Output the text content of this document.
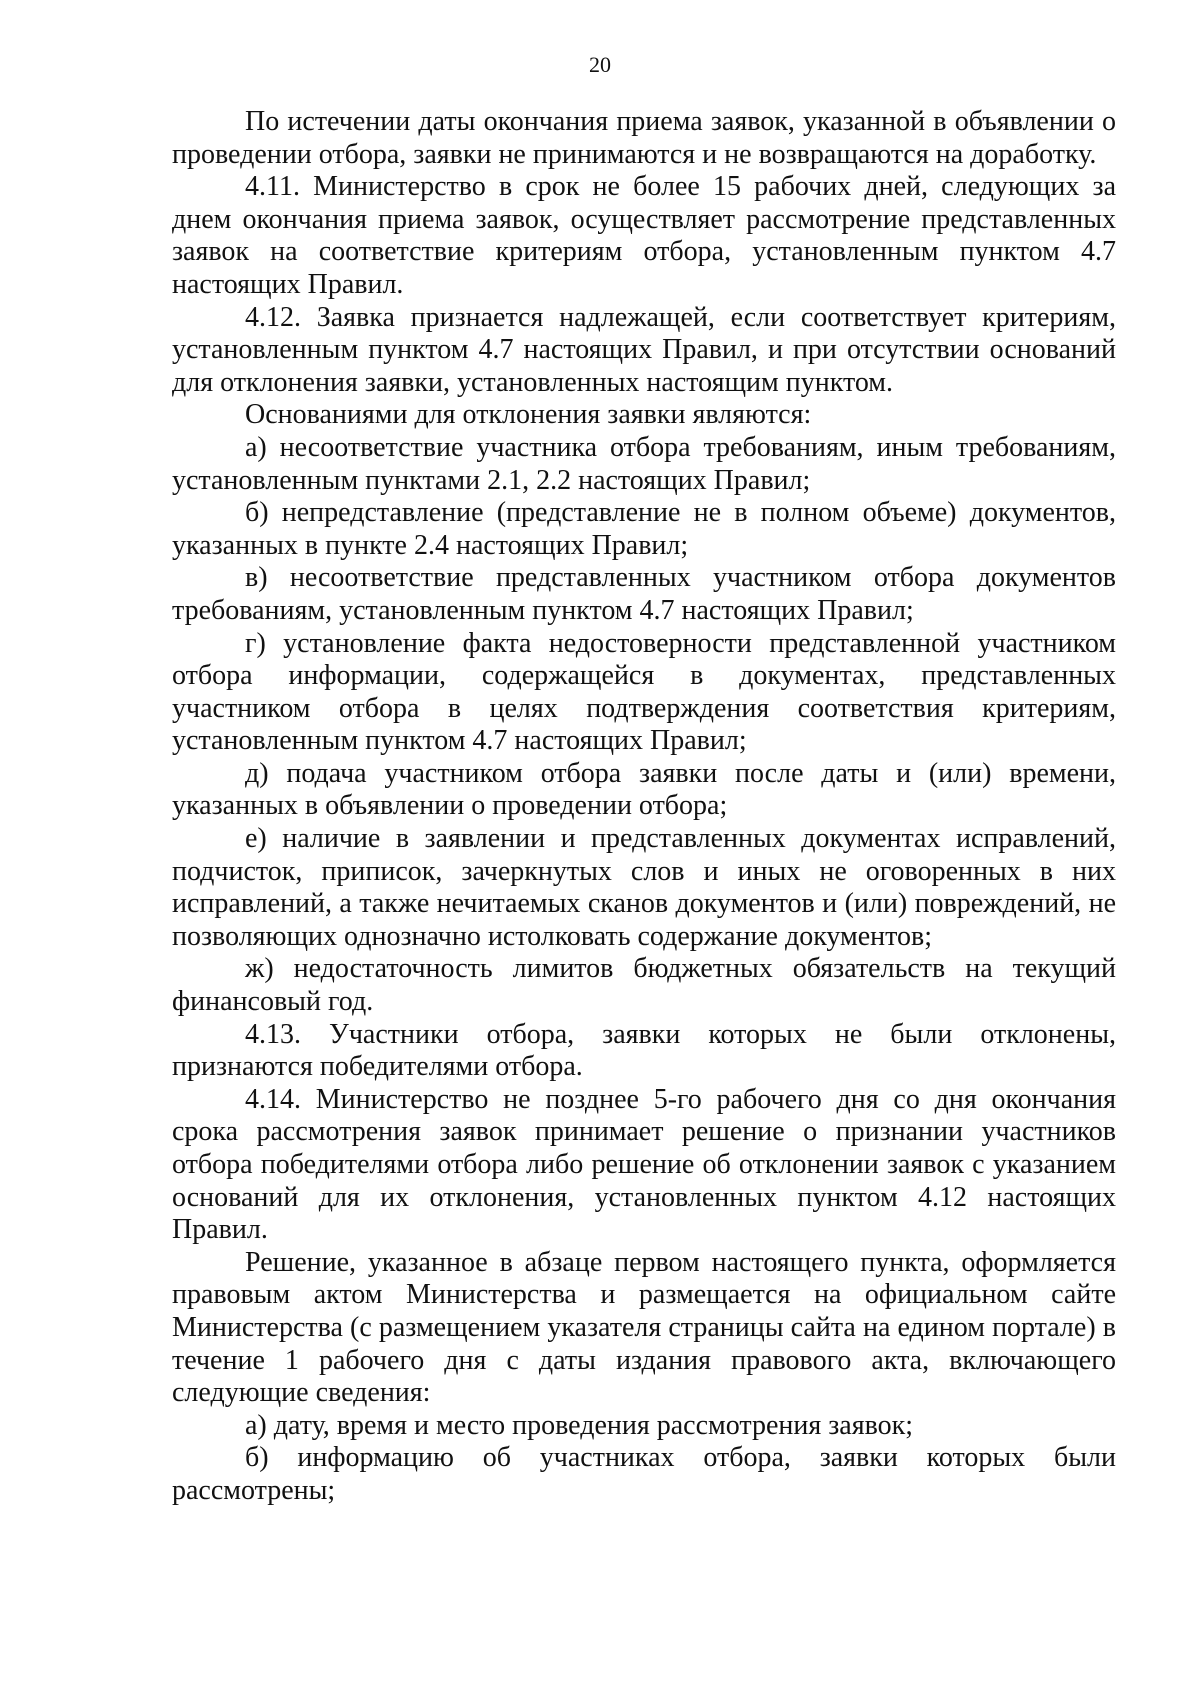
20

По истечении даты окончания приема заявок, указанной в объявлении о проведении отбора, заявки не принимаются и не возвращаются на доработку.

4.11. Министерство в срок не более 15 рабочих дней, следующих за днем окончания приема заявок, осуществляет рассмотрение представленных заявок на соответствие критериям отбора, установленным пунктом 4.7 настоящих Правил.

4.12. Заявка признается надлежащей, если соответствует критериям, установленным пунктом 4.7 настоящих Правил, и при отсутствии оснований для отклонения заявки, установленных настоящим пунктом.

Основаниями для отклонения заявки являются:

а) несоответствие участника отбора требованиям, иным требованиям, установленным пунктами 2.1, 2.2 настоящих Правил;

б) непредставление (представление не в полном объеме) документов, указанных в пункте 2.4 настоящих Правил;

в) несоответствие представленных участником отбора документов требованиям, установленным пунктом 4.7 настоящих Правил;

г) установление факта недостоверности представленной участником отбора информации, содержащейся в документах, представленных участником отбора в целях подтверждения соответствия критериям, установленным пунктом 4.7 настоящих Правил;

д) подача участником отбора заявки после даты и (или) времени, указанных в объявлении о проведении отбора;

е) наличие в заявлении и представленных документах исправлений, подчисток, приписок, зачеркнутых слов и иных не оговоренных в них исправлений, а также нечитаемых сканов документов и (или) повреждений, не позволяющих однозначно истолковать содержание документов;

ж) недостаточность лимитов бюджетных обязательств на текущий финансовый год.

4.13. Участники отбора, заявки которых не были отклонены, признаются победителями отбора.

4.14. Министерство не позднее 5-го рабочего дня со дня окончания срока рассмотрения заявок принимает решение о признании участников отбора победителями отбора либо решение об отклонении заявок с указанием оснований для их отклонения, установленных пунктом 4.12 настоящих Правил.

Решение, указанное в абзаце первом настоящего пункта, оформляется правовым актом Министерства и размещается на официальном сайте Министерства (с размещением указателя страницы сайта на едином портале) в течение 1 рабочего дня с даты издания правового акта, включающего следующие сведения:

а) дату, время и место проведения рассмотрения заявок;

б) информацию об участниках отбора, заявки которых были рассмотрены;
